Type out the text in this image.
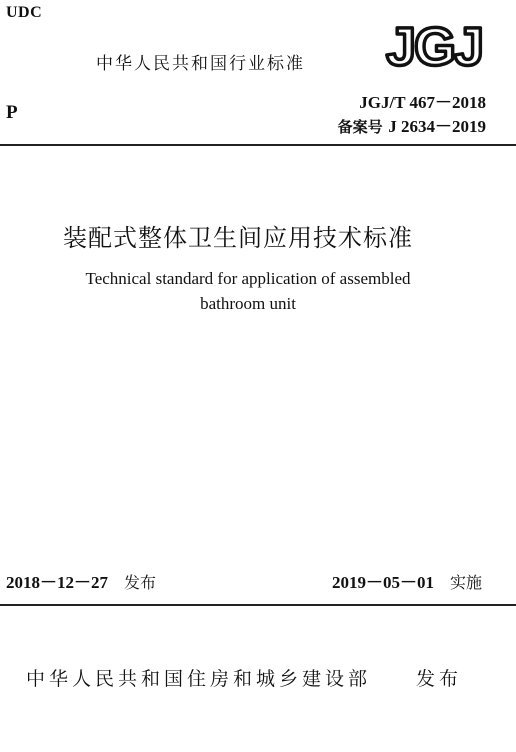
UDC
中华人民共和国行业标准 JGJ
P	JGJ/T 467－2018
备案号 J 2634－2019
装配式整体卫生间应用技术标准
Technical standard for application of assembled
bathroom unit
2018－12－27 发布	2019－05－01 实施
中华人民共和国住房和城乡建设部 发布
